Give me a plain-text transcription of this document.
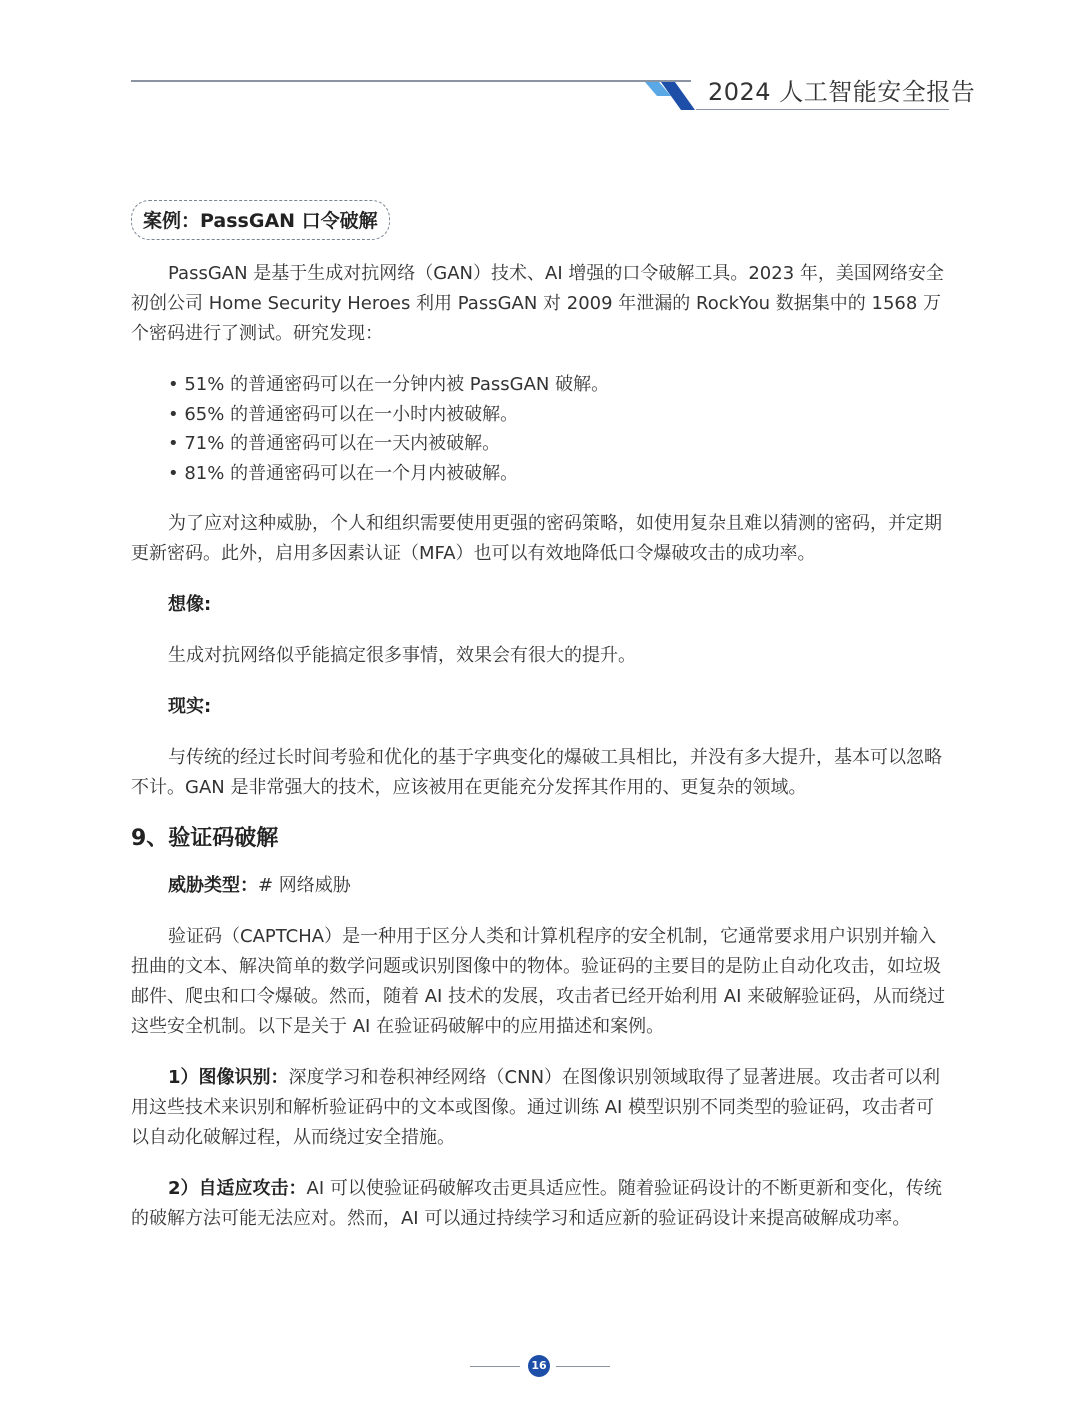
2024 人工智能安全报告
案例：PassGAN 口令破解

PassGAN 是基于生成对抗网络（GAN）技术、AI 增强的口令破解工具。2023 年，美国网络安全初创公司 Home Security Heroes 利用 PassGAN 对 2009 年泄漏的 RockYou 数据集中的 1568 万个密码进行了测试。研究发现：

• 51% 的普通密码可以在一分钟内被 PassGAN 破解。
• 65% 的普通密码可以在一小时内被破解。
• 71% 的普通密码可以在一天内被破解。
• 81% 的普通密码可以在一个月内被破解。

为了应对这种威胁，个人和组织需要使用更强的密码策略，如使用复杂且难以猜测的密码，并定期更新密码。此外，启用多因素认证（MFA）也可以有效地降低口令爆破攻击的成功率。

想像:

生成对抗网络似乎能搞定很多事情，效果会有很大的提升。

现实:

与传统的经过长时间考验和优化的基于字典变化的爆破工具相比，并没有多大提升，基本可以忽略不计。GAN 是非常强大的技术，应该被用在更能充分发挥其作用的、更复杂的领域。

9、验证码破解

威胁类型：# 网络威胁

验证码（CAPTCHA）是一种用于区分人类和计算机程序的安全机制，它通常要求用户识别并输入扭曲的文本、解决简单的数学问题或识别图像中的物体。验证码的主要目的是防止自动化攻击，如垃圾邮件、爬虫和口令爆破。然而，随着 AI 技术的发展，攻击者已经开始利用 AI 来破解验证码，从而绕过这些安全机制。以下是关于 AI 在验证码破解中的应用描述和案例。

1）图像识别：深度学习和卷积神经网络（CNN）在图像识别领域取得了显著进展。攻击者可以利用这些技术来识别和解析验证码中的文本或图像。通过训练 AI 模型识别不同类型的验证码，攻击者可以自动化破解过程，从而绕过安全措施。

2）自适应攻击：AI 可以使验证码破解攻击更具适应性。随着验证码设计的不断更新和变化，传统的破解方法可能无法应对。然而，AI 可以通过持续学习和适应新的验证码设计来提高破解成功率。

16
